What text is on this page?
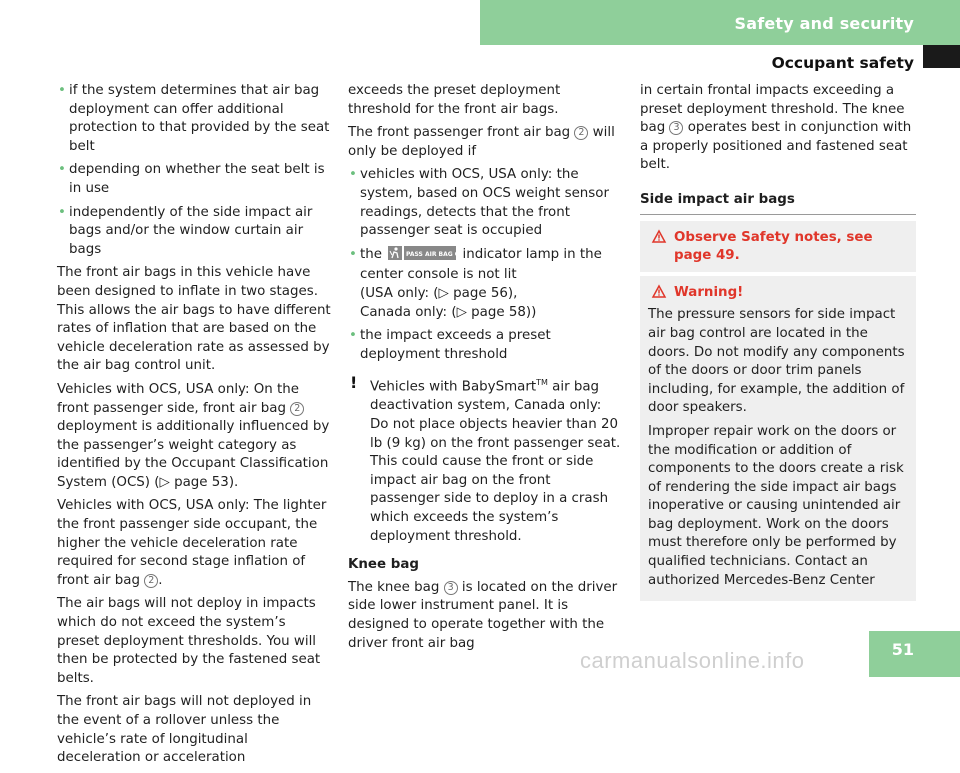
Safety and security
Occupant safety
• if the system determines that air bag deployment can offer additional protection to that provided by the seat belt
• depending on whether the seat belt is in use
• independently of the side impact air bags and/or the window curtain air bags
The front air bags in this vehicle have been designed to inflate in two stages. This allows the air bags to have different rates of inflation that are based on the vehicle deceleration rate as assessed by the air bag control unit.
Vehicles with OCS, USA only: On the front passenger side, front air bag 2 deployment is additionally influenced by the passenger’s weight category as identified by the Occupant Classification System (OCS) (▷ page 53).
Vehicles with OCS, USA only: The lighter the front passenger side occupant, the higher the vehicle deceleration rate required for second stage inflation of front air bag 2 .
The air bags will not deploy in impacts which do not exceed the system’s preset deployment thresholds. You will then be protected by the fastened seat belts.
The front air bags will not deployed in the event of a rollover unless the vehicle’s rate of longitudinal deceleration or acceleration
exceeds the preset deployment threshold for the front air bags.
The front passenger front air bag 2 will only be deployed if
• vehicles with OCS, USA only: the system, based on OCS weight sensor readings, detects that the front passenger seat is occupied
• the	PASS AIR BAG OFF
indicator lamp in the center console is not lit
(USA only: (▷ page 56),
Canada only: (▷ page 58))
• the impact exceeds a preset deployment threshold
! Vehicles with BabySmart™ air bag deactivation system, Canada only: Do not place objects heavier than 20 lb (9 kg) on the front passenger seat. This could cause the front or side impact air bag on the front passenger side to deploy in a crash which exceeds the system’s deployment threshold.
Knee bag
The knee bag 3 is located on the driver side lower instrument panel. It is designed to operate together with the driver front air bag
in certain frontal impacts exceeding a preset deployment threshold. The knee bag 3 operates best in conjunction with a properly positioned and fastened seat belt.
Side impact air bags
Observe Safety notes, see page 49.
Warning!
The pressure sensors for side impact air bag control are located in the doors. Do not modify any components of the doors or door trim panels including, for example, the addition of door speakers.
Improper repair work on the doors or the modification or addition of components to the doors create a risk of rendering the side impact air bags inoperative or causing unintended air bag deployment. Work on the doors must therefore only be performed by qualified technicians. Contact an authorized Mercedes-Benz Center
51
carmanualsonline.info
